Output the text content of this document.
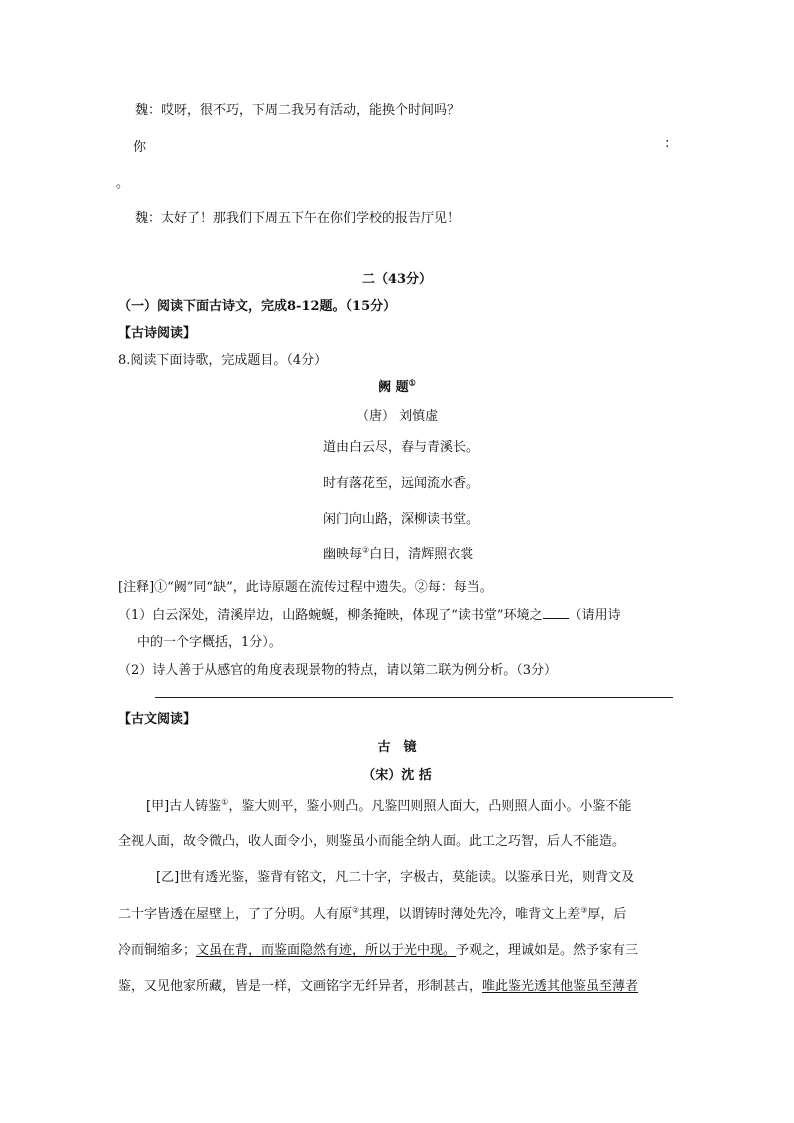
魏：哎呀，很不巧，下周二我另有活动，能换个时间吗？
你	:
。
魏：太好了！那我们下周五下午在你们学校的报告厅见！
二（43分）
（一）阅读下面古诗文，完成8-12题。（15分）
【古诗阅读】
8.阅读下面诗歌，完成题目。（4分）
阙 题①
（唐） 刘慎虚
道由白云尽，春与青溪长。
时有落花至，远闻流水香。
闲门向山路，深柳读书堂。
幽映每②白日，清辉照衣裳
[注释]①“阙”同“缺”，此诗原题在流传过程中遗失。②每：每当。
（1）白云深处，清溪岸边，山路蜿蜒，柳条掩映，体现了“读书堂”环境之 （请用诗
中的一个字概括，1分）。
（2）诗人善于从感官的角度表现景物的特点，请以第二联为例分析。（3分）
【古文阅读】
古　镜
（宋）沈 括
[甲]古人铸鉴①，鉴大则平，鉴小则凸。凡鉴凹则照人面大，凸则照人面小。小鉴不能
全视人面，故令微凸，收人面令小，则鉴虽小而能全纳人面。此工之巧智，后人不能造。
[乙]世有透光鉴，鉴背有铭文，凡二十字，字极古，莫能读。以鉴承日光，则背文及
二十字皆透在屋壁上，了了分明。人有原②其理，以谓铸时薄处先冷，唯背文上差③厚，后
冷而铜缩多；文虽在背，而鉴面隐然有迹，所以于光中现。予观之，理诚如是。然予家有三
鉴，又见他家所藏，皆是一样，文画铭字无纤异者，形制甚古，唯此鉴光透其他鉴虽至薄者
